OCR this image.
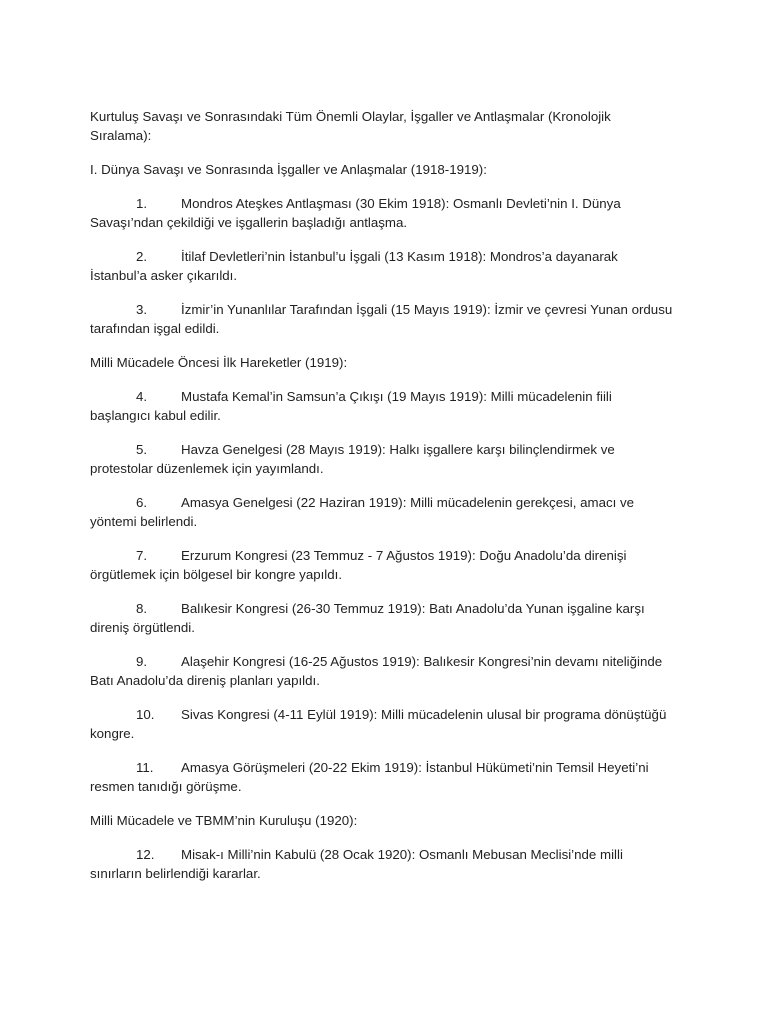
Kurtuluş Savaşı ve Sonrasındaki Tüm Önemli Olaylar, İşgaller ve Antlaşmalar (Kronolojik Sıralama):

I. Dünya Savaşı ve Sonrasında İşgaller ve Anlaşmalar (1918-1919):

1.	Mondros Ateşkes Antlaşması (30 Ekim 1918): Osmanlı Devleti’nin I. Dünya Savaşı’ndan çekildiği ve işgallerin başladığı antlaşma.

2.	İtilaf Devletleri’nin İstanbul’u İşgali (13 Kasım 1918): Mondros’a dayanarak İstanbul’a asker çıkarıldı.

3.	İzmir’in Yunanlılar Tarafından İşgali (15 Mayıs 1919): İzmir ve çevresi Yunan ordusu tarafından işgal edildi.

Milli Mücadele Öncesi İlk Hareketler (1919):

4.	Mustafa Kemal’in Samsun’a Çıkışı (19 Mayıs 1919): Milli mücadelenin fiili başlangıcı kabul edilir.

5.	Havza Genelgesi (28 Mayıs 1919): Halkı işgallere karşı bilinçlendirmek ve protestolar düzenlemek için yayımlandı.

6.	Amasya Genelgesi (22 Haziran 1919): Milli mücadelenin gerekçesi, amacı ve yöntemi belirlendi.

7.	Erzurum Kongresi (23 Temmuz - 7 Ağustos 1919): Doğu Anadolu’da direnişi örgütlemek için bölgesel bir kongre yapıldı.

8.	Balıkesir Kongresi (26-30 Temmuz 1919): Batı Anadolu’da Yunan işgaline karşı direniş örgütlendi.

9.	Alaşehir Kongresi (16-25 Ağustos 1919): Balıkesir Kongresi’nin devamı niteliğinde Batı Anadolu’da direniş planları yapıldı.

10. Sivas Kongresi (4-11 Eylül 1919): Milli mücadelenin ulusal bir programa dönüştüğü kongre.

11. Amasya Görüşmeleri (20-22 Ekim 1919): İstanbul Hükümeti’nin Temsil Heyeti’ni resmen tanıdığı görüşme.

Milli Mücadele ve TBMM’nin Kuruluşu (1920):

12. Misak-ı Milli’nin Kabulü (28 Ocak 1920): Osmanlı Mebusan Meclisi’nde milli sınırların belirlendiği kararlar.
